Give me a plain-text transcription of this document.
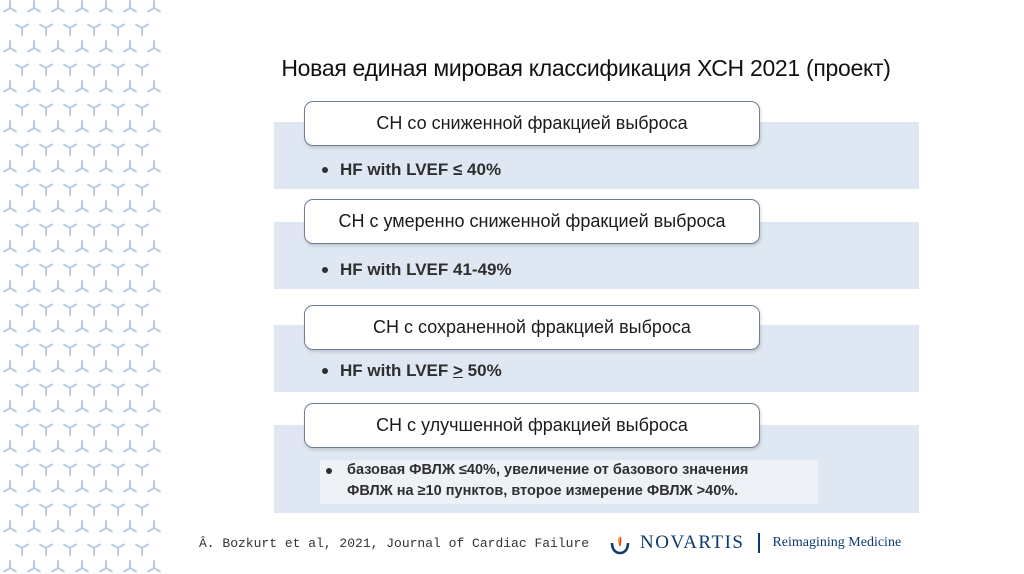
Новая единая мировая классификация ХСН 2021 (проект)
СН со сниженной фракцией выброса
СН с умеренно сниженной фракцией выброса
СН с сохраненной фракцией выброса
СН с улучшенной фракцией выброса
HF with LVEF ≤ 40%
HF with LVEF 41-49%
HF with LVEF ≥ 50%
базовая ФВЛЖ ≤40%, увеличение от базового значения
ФВЛЖ на ≥10 пунктов, второе измерение ФВЛЖ >40%.
Â. Bozkurt et al, 2021, Journal of Cardiac Failure	NOVARTIS Reimagining Medicine
